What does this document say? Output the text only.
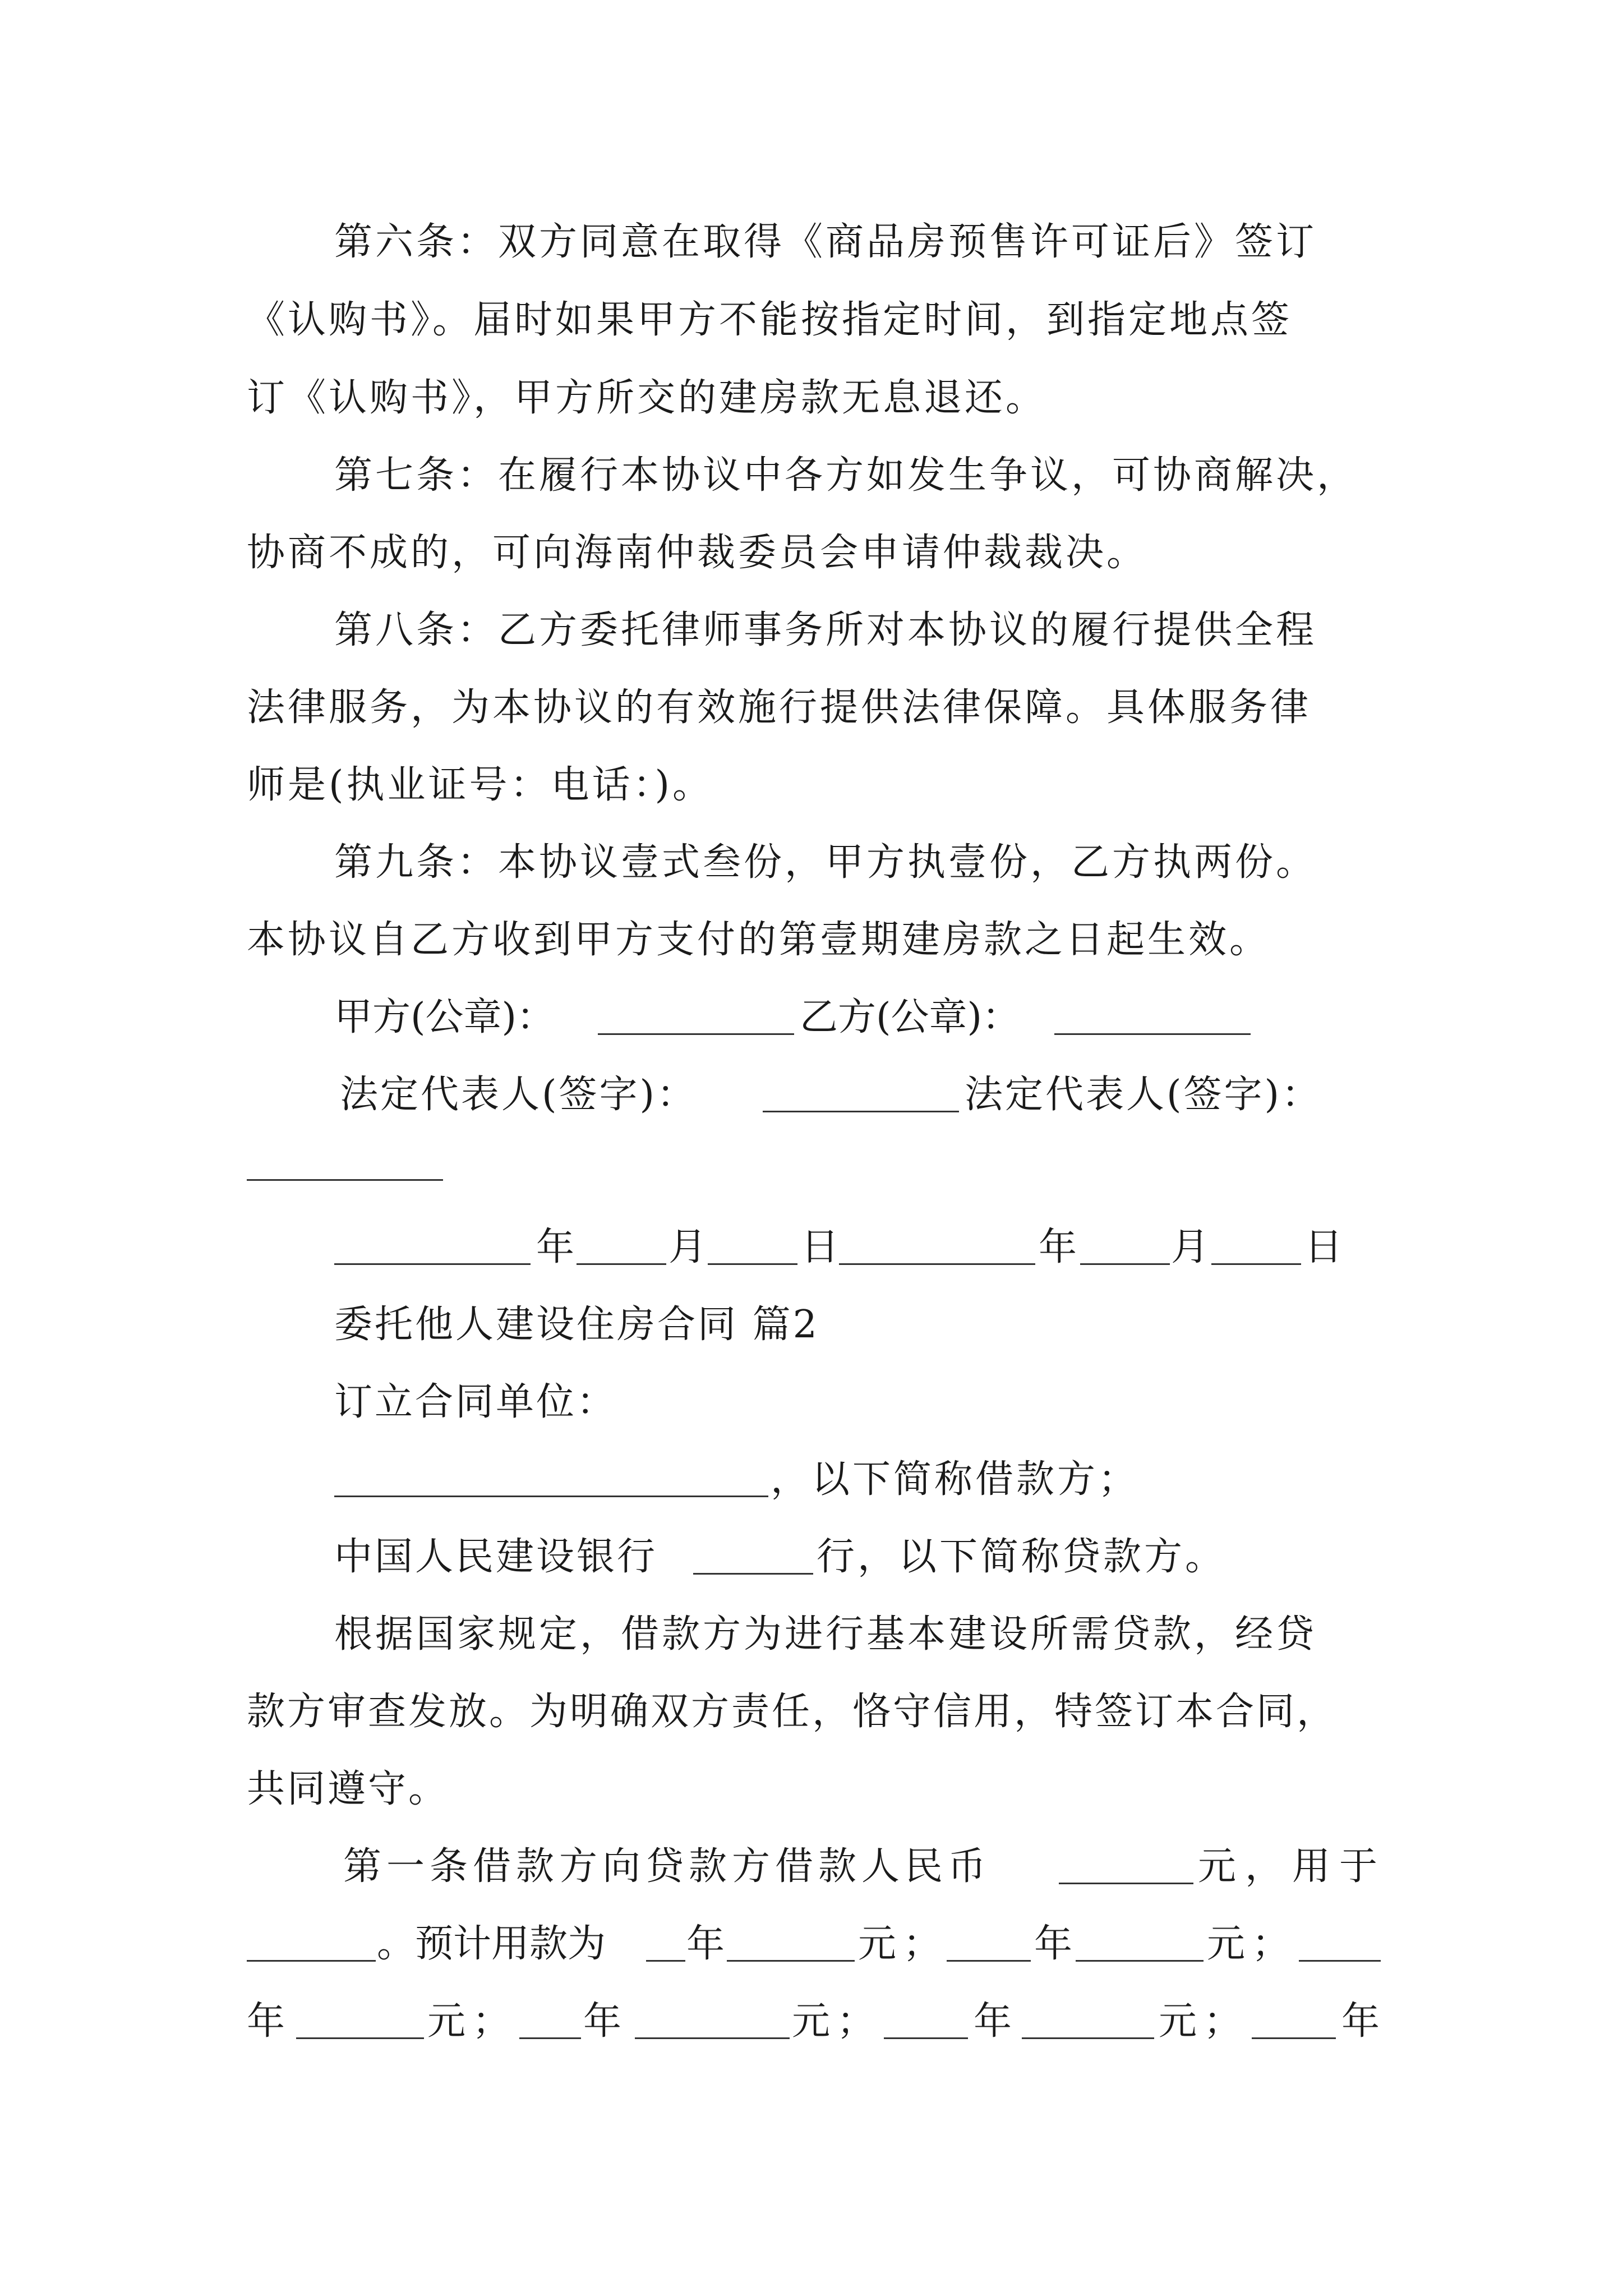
第六条：双方同意在取得《商品房预售许可证后》签订
《认购书》。届时如果甲方不能按指定时间，到指定地点签
订《认购书》，甲方所交的建房款无息退还。
第七条：在履行本协议中各方如发生争议，可协商解决，
协商不成的，可向海南仲裁委员会申请仲裁裁决。
第八条：乙方委托律师事务所对本协议的履行提供全程
法律服务，为本协议的有效施行提供法律保障。具体服务律
师是(执业证号：电话：)。
第九条：本协议壹式叁份，甲方执壹份，乙方执两份。
本协议自乙方收到甲方支付的第壹期建房款之日起生效。
甲方(公章)：	乙方(公章)：
法定代表人(签字)：	法定代表人(签字)：
年 月 日	年 月 日
委托他人建设住房合同 篇2
订立合同单位：
，以下简称借款方；
中国人民建设银行	行，以下简称贷款方。
根据国家规定，借款方为进行基本建设所需贷款，经贷
款方审查发放。为明确双方责任，恪守信用，特签订本合同，
共同遵守。
第一条借款方向贷款方借款人民币	元，用于
。预计用款为 年	元； 年	元；
年	元； 年	元； 年	元； 年
